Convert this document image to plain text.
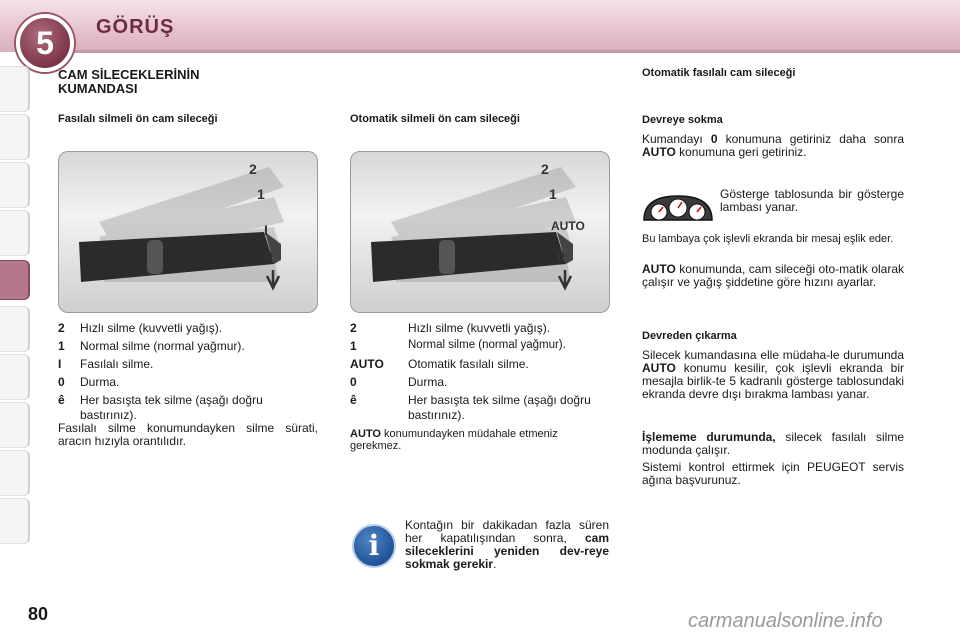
5	GÖRÜŞ
CAM SİLECEKLERİNİN
KUMANDASI
Fasılalı silmeli ön cam sileceği
2
1
I
0
2	Hızlı silme (kuvvetli yağış).
1	Normal silme (normal yağmur).
I	Fasılalı silme.
0	Durma.
ê	Her basışta tek silme (aşağı doğru bastırınız).
Fasılalı silme konumundayken silme sürati, aracın hızıyla orantılıdır.
Otomatik silmeli ön cam sileceği
2
1
AUTO
0
2	Hızlı silme (kuvvetli yağış).
1	Normal silme (normal yağmur).
AUTO	Otomatik fasılalı silme.
0	Durma.
ê	Her basışta tek silme (aşağı doğru bastırınız).
AUTO konumundayken müdahale etmeniz gerekmez.
i
Kontağın bir dakikadan fazla süren her kapatılışından sonra, cam sileceklerini yeniden dev-reye sokmak gerekir.
Otomatik fasılalı cam sileceği
Devreye sokma
Kumandayı 0 konumuna getiriniz daha sonra AUTO konumuna geri getiriniz.
Gösterge tablosunda bir gösterge lambası yanar.
Bu lambaya çok işlevli ekranda bir mesaj eşlik eder.
AUTO konumunda, cam sileceği oto-matik olarak çalışır ve yağış şiddetine göre hızını ayarlar.
Devreden çıkarma
Silecek kumandasına elle müdaha-le durumunda AUTO konumu kesilir, çok işlevli ekranda bir mesajla birlik-te 5 kadranlı gösterge tablosundaki ekranda devre dışı bırakma lambası yanar.
İşlememe durumunda, silecek fasılalı silme modunda çalışır.
Sistemi kontrol ettirmek için PEUGEOT servis ağına başvurunuz.
80	carmanualsonline.info
